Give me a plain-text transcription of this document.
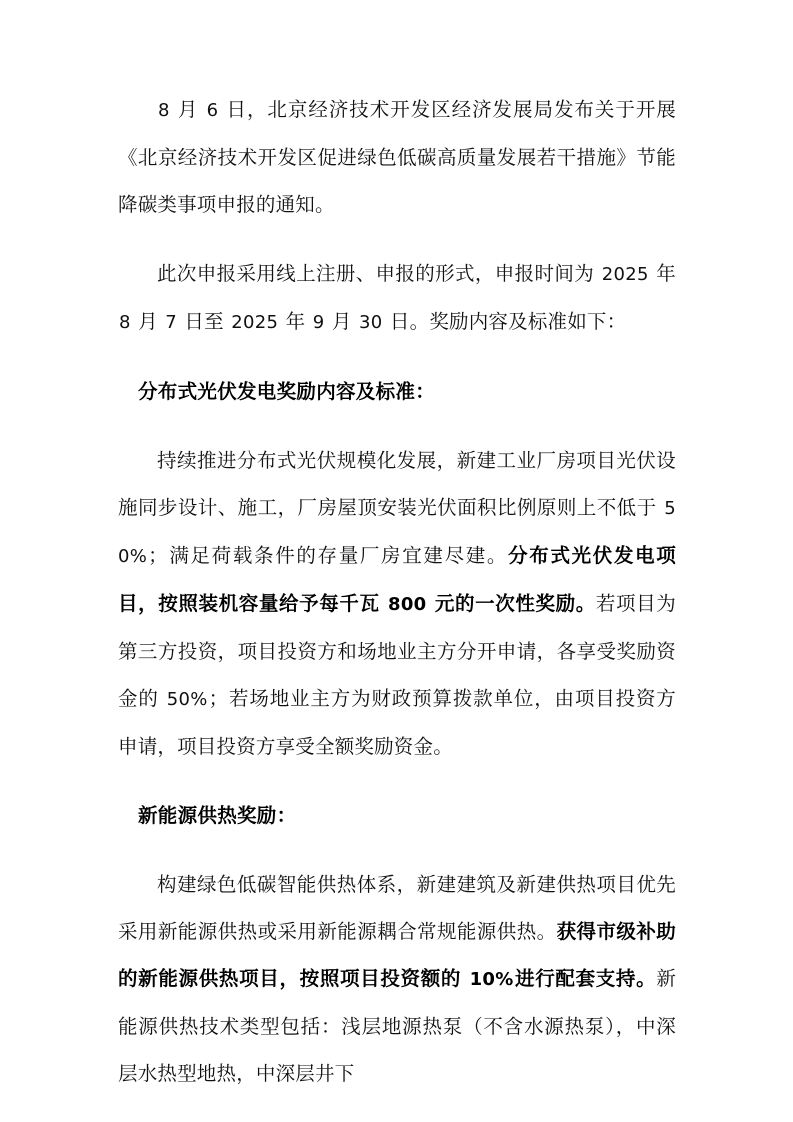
8 月 6 日，北京经济技术开发区经济发展局发布关于开展《北京经济技术开发区促进绿色低碳高质量发展若干措施》节能降碳类事项申报的通知。

此次申报采用线上注册、申报的形式，申报时间为 2025 年 8 月 7 日至 2025 年 9 月 30 日。奖励内容及标准如下：

分布式光伏发电奖励内容及标准：

持续推进分布式光伏规模化发展，新建工业厂房项目光伏设施同步设计、施工，厂房屋顶安装光伏面积比例原则上不低于 50%；满足荷载条件的存量厂房宜建尽建。分布式光伏发电项目，按照装机容量给予每千瓦 800 元的一次性奖励。若项目为第三方投资，项目投资方和场地业主方分开申请，各享受奖励资金的 50%；若场地业主方为财政预算拨款单位，由项目投资方申请，项目投资方享受全额奖励资金。

新能源供热奖励：

构建绿色低碳智能供热体系，新建建筑及新建供热项目优先采用新能源供热或采用新能源耦合常规能源供热。获得市级补助的新能源供热项目，按照项目投资额的 10%进行配套支持。新能源供热技术类型包括：浅层地源热泵（不含水源热泵），中深层水热型地热，中深层井下
